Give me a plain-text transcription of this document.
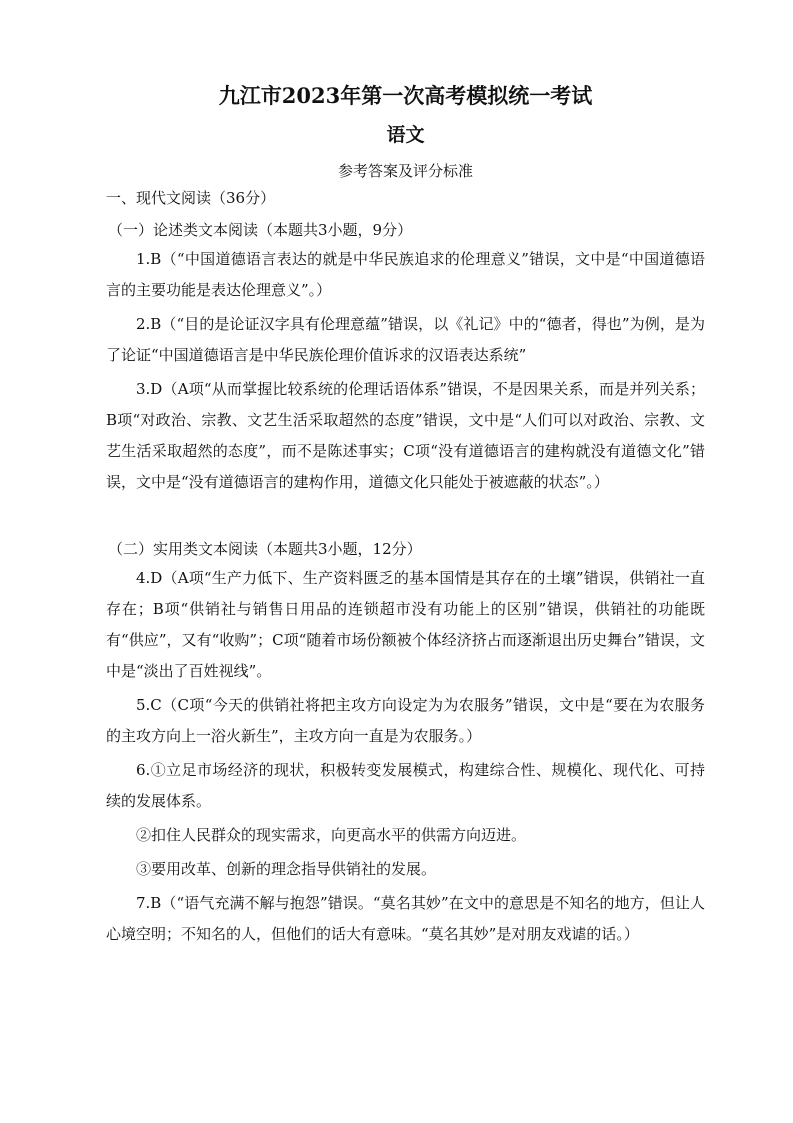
九江市2023年第一次高考模拟统一考试
语文
参考答案及评分标准
一、现代文阅读（36分）
（一）论述类文本阅读（本题共3小题，9分）

1.B（“中国道德语言表达的就是中华民族追求的伦理意义”错误，文中是“中国道德语言的主要功能是表达伦理意义”。）

2.B（“目的是论证汉字具有伦理意蕴”错误，以《礼记》中的“德者，得也”为例，是为了论证“中国道德语言是中华民族伦理价值诉求的汉语表达系统”

3.D（A项“从而掌握比较系统的伦理话语体系”错误，不是因果关系，而是并列关系；B项“对政治、宗教、文艺生活采取超然的态度”错误，文中是“人们可以对政治、宗教、文艺生活采取超然的态度”，而不是陈述事实；C项“没有道德语言的建构就没有道德文化”错误，文中是“没有道德语言的建构作用，道德文化只能处于被遮蔽的状态”。）

（二）实用类文本阅读（本题共3小题，12分）

4.D（A项“生产力低下、生产资料匮乏的基本国情是其存在的土壤”错误，供销社一直存在；B项“供销社与销售日用品的连锁超市没有功能上的区别”错误，供销社的功能既有“供应”，又有“收购”；C项“随着市场份额被个体经济挤占而逐渐退出历史舞台”错误，文中是“淡出了百姓视线”。

5.C（C项“今天的供销社将把主攻方向设定为为农服务”错误，文中是“要在为农服务的主攻方向上一浴火新生”，主攻方向一直是为农服务。）

6.①立足市场经济的现状，积极转变发展模式，构建综合性、规模化、现代化、可持续的发展体系。

②扣住人民群众的现实需求，向更高水平的供需方向迈进。

③要用改革、创新的理念指导供销社的发展。

7.B（“语气充满不解与抱怨”错误。“莫名其妙”在文中的意思是不知名的地方，但让人心境空明；不知名的人，但他们的话大有意味。“莫名其妙”是对朋友戏谑的话。）
